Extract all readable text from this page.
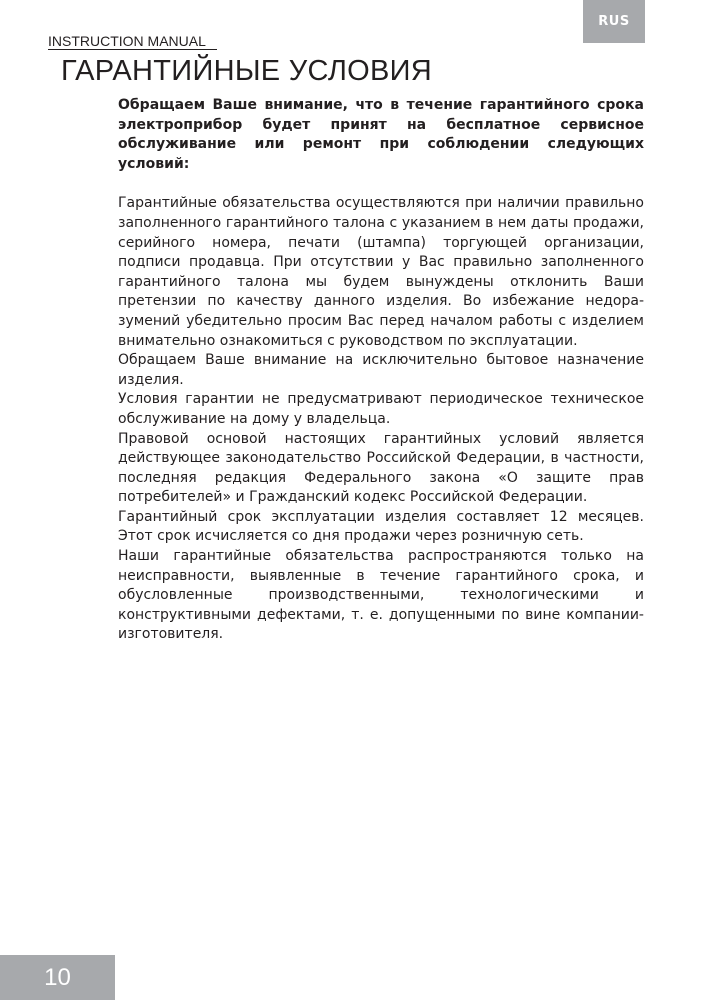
RUS
INSTRUCTION MANUAL
ГАРАНТИЙНЫЕ УСЛОВИЯ

Обращаем Ваше внимание, что в течение гарантийного срока электроприбор будет принят на бесплатное сервисное обслуживание или ремонт при соблюдении следующих условий:

Гарантийные обязательства осуществляются при наличии правильно заполненного гарантийного талона с указанием в нем даты продажи, серийного номера, печати (штампа) торгующей организации, подписи продавца. При отсутствии у Вас правильно заполненного гарантийного талона мы будем вынуждены отклонить Ваши претензии по качеству данного изделия. Во избежание недора-зумений убедительно просим Вас перед началом работы с изделием внимательно ознакомиться с руководством по эксплуатации.

Обращаем Ваше внимание на исключительно бытовое назначение изделия.

Условия гарантии не предусматривают периодическое техническое обслуживание на дому у владельца.

Правовой основой настоящих гарантийных условий является действующее законодательство Российской Федерации, в частности, последняя редакция Федерального закона «О защите прав потребителей» и Гражданский кодекс Российской Федерации.

Гарантийный срок эксплуатации изделия составляет 12 месяцев. Этот срок исчисляется со дня продажи через розничную сеть.

Наши гарантийные обязательства распространяются только на неисправности, выявленные в течение гарантийного срока, и обусловленные производственными, технологическими и конструктивными дефектами, т. е. допущенными по вине компании-изготовителя.

10
